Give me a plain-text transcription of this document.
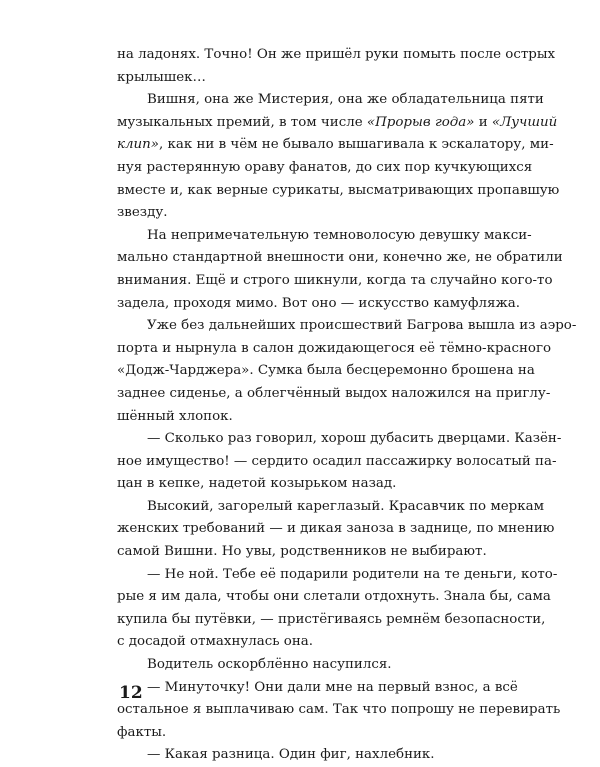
на ладонях. Точно! Он же пришёл руки помыть после острых
крылышек…
Вишня, она же Мистерия, она же обладательница пяти
музыкальных премий, в том числе «Прорыв года» и «Лучший
клип», как ни в чём не бывало вышагивала к эскалатору, ми-
нуя растерянную ораву фанатов, до сих пор кучкующихся
вместе и, как верные сурикаты, высматривающих пропавшую
звезду.
На непримечательную темноволосую девушку макси-
мально стандартной внешности они, конечно же, не обратили
внимания. Ещё и строго шикнули, когда та случайно кого-то
задела, проходя мимо. Вот оно — искусство камуфляжа.
Уже без дальнейших происшествий Багрова вышла из аэро-
порта и нырнула в салон дожидающегося её тёмно-красного
«Додж-Чарджера». Сумка была бесцеремонно брошена на
заднее сиденье, а облегчённый выдох наложился на приглу-
шённый хлопок.
— Сколько раз говорил, хорош дубасить дверцами. Казён-
ное имущество! — сердито осадил пассажирку волосатый па-
цан в кепке, надетой козырьком назад.
Высокий, загорелый кареглазый. Красавчик по меркам
женских требований — и дикая заноза в заднице, по мнению
самой Вишни. Но увы, родственников не выбирают.
— Не ной. Тебе её подарили родители на те деньги, кото-
рые я им дала, чтобы они слетали отдохнуть. Знала бы, сама
купила бы путёвки, — пристёгиваясь ремнём безопасности,
с досадой отмахнулась она.
Водитель оскорблённо насупился.
— Минуточку! Они дали мне на первый взнос, а всё
остальное я выплачиваю сам. Так что попрошу не перевирать
факты.
— Какая разница. Один фиг, нахлебник.
12
